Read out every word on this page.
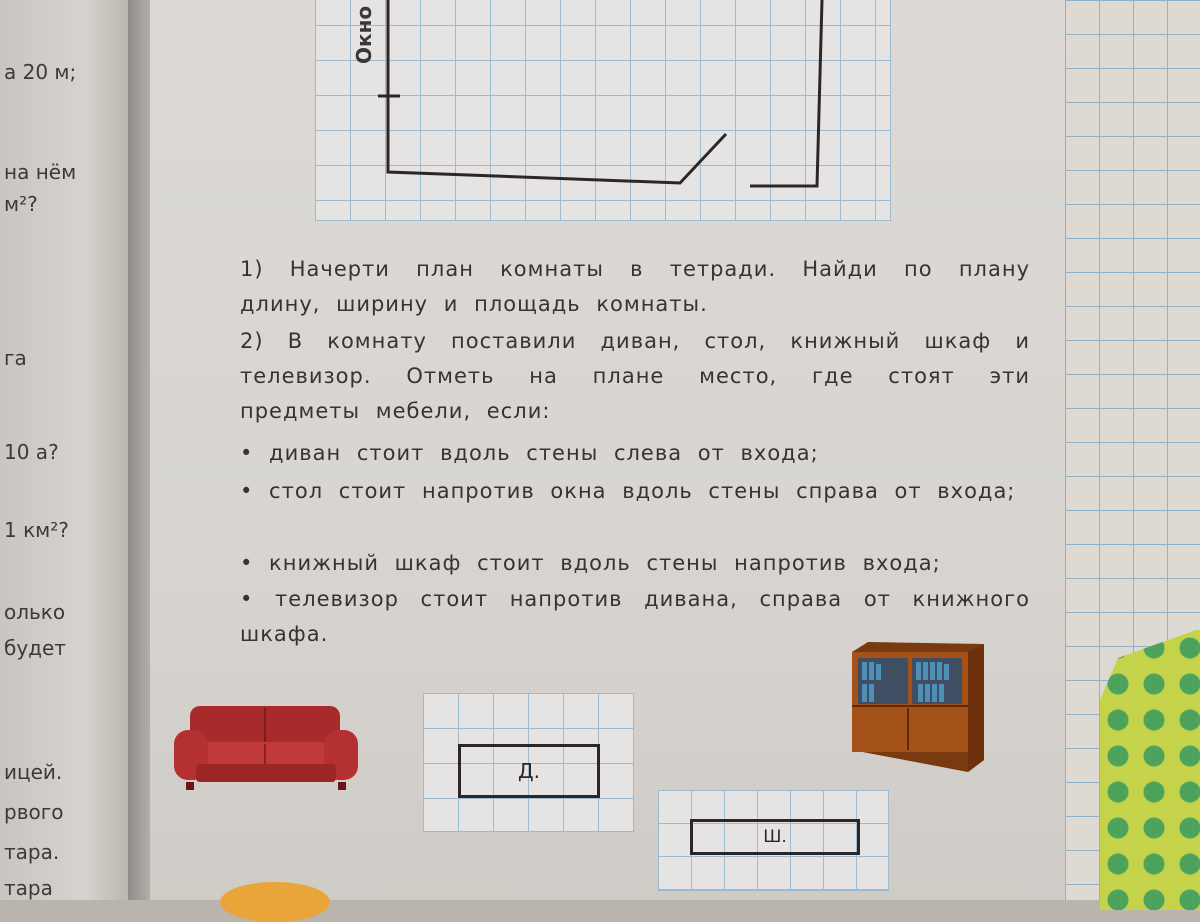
а 20 м;
на нём
м²?
га
10 а?
1 км²?
олько
будет
ицей.
рвого
тара.
тара
Окно
1) Начерти план комнаты в тетради. Найди по плану длину, ширину и площадь комнаты.
2) В комнату поставили диван, стол, книжный шкаф и телевизор. Отметь на плане место, где стоят эти предметы мебели, если:
• диван стоит вдоль стены слева от входа;
• стол стоит напротив окна вдоль стены справа от входа;
• книжный шкаф стоит вдоль стены напротив входа;
• телевизор стоит напротив дивана, справа от книжного шкафа.
Д.
Ш.
